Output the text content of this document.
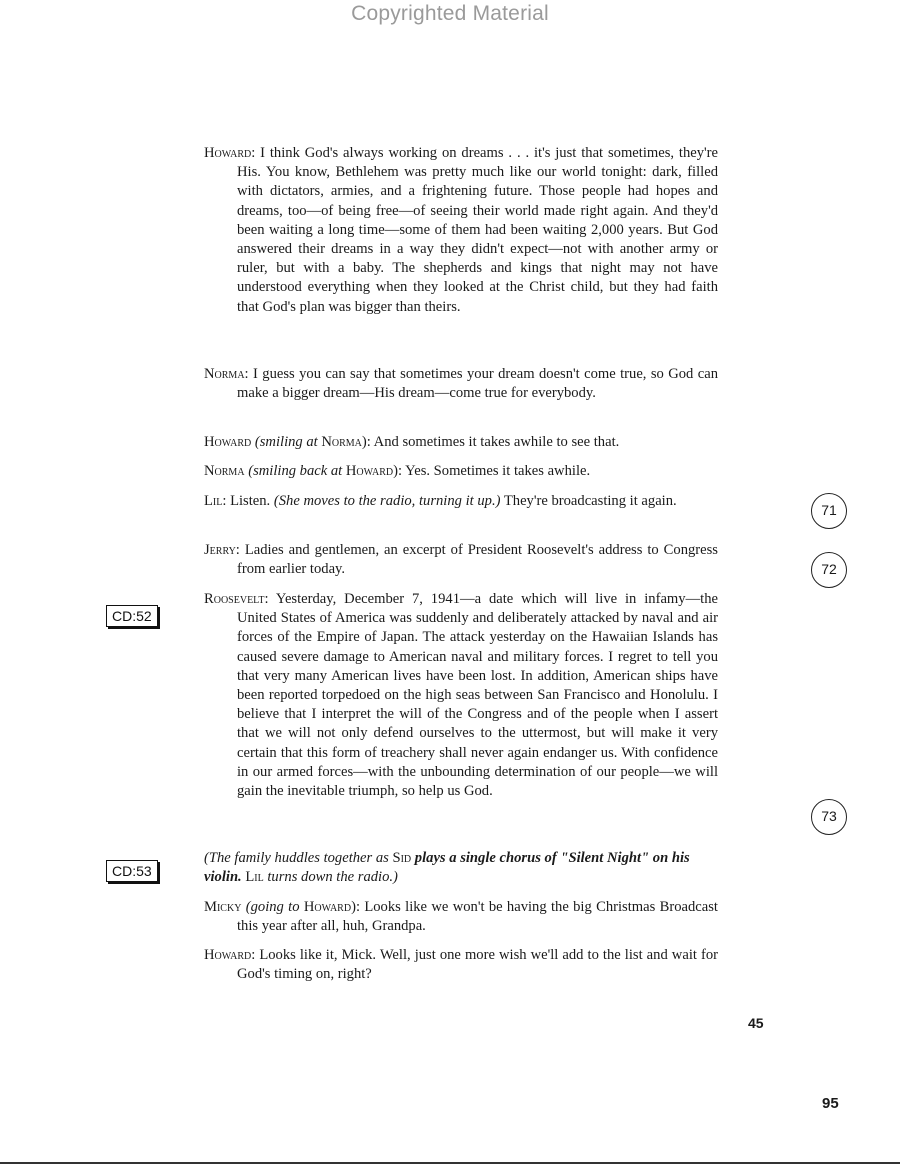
Copyrighted Material
Howard: I think God's always working on dreams . . . it's just that sometimes, they're His. You know, Bethlehem was pretty much like our world tonight: dark, filled with dictators, armies, and a frightening future. Those people had hopes and dreams, too—of being free—of seeing their world made right again. And they'd been waiting a long time—some of them had been waiting 2,000 years. But God answered their dreams in a way they didn't expect—not with another army or ruler, but with a baby. The shepherds and kings that night may not have understood everything when they looked at the Christ child, but they had faith that God's plan was bigger than theirs.
Norma: I guess you can say that sometimes your dream doesn't come true, so God can make a bigger dream—His dream—come true for everybody.
Howard (smiling at Norma): And sometimes it takes awhile to see that.
Norma (smiling back at Howard): Yes. Sometimes it takes awhile.
Lil: Listen. (She moves to the radio, turning it up.) They're broadcasting it again.
Jerry: Ladies and gentlemen, an excerpt of President Roosevelt's address to Congress from earlier today.
Roosevelt: Yesterday, December 7, 1941—a date which will live in infamy—the United States of America was suddenly and deliberately attacked by naval and air forces of the Empire of Japan. The attack yesterday on the Hawaiian Islands has caused severe damage to American naval and military forces. I regret to tell you that very many American lives have been lost. In addition, American ships have been reported torpedoed on the high seas between San Francisco and Honolulu. I believe that I interpret the will of the Congress and of the people when I assert that we will not only defend ourselves to the uttermost, but will make it very certain that this form of treachery shall never again endanger us. With confidence in our armed forces—with the unbounding determination of our people—we will gain the inevitable triumph, so help us God.
(The family huddles together as Sid plays a single chorus of "Silent Night" on his violin. Lil turns down the radio.)
Micky (going to Howard): Looks like we won't be having the big Christmas Broadcast this year after all, huh, Grandpa.
Howard: Looks like it, Mick. Well, just one more wish we'll add to the list and wait for God's timing on, right?
71
72
73
CD:52
CD:53
45
95
